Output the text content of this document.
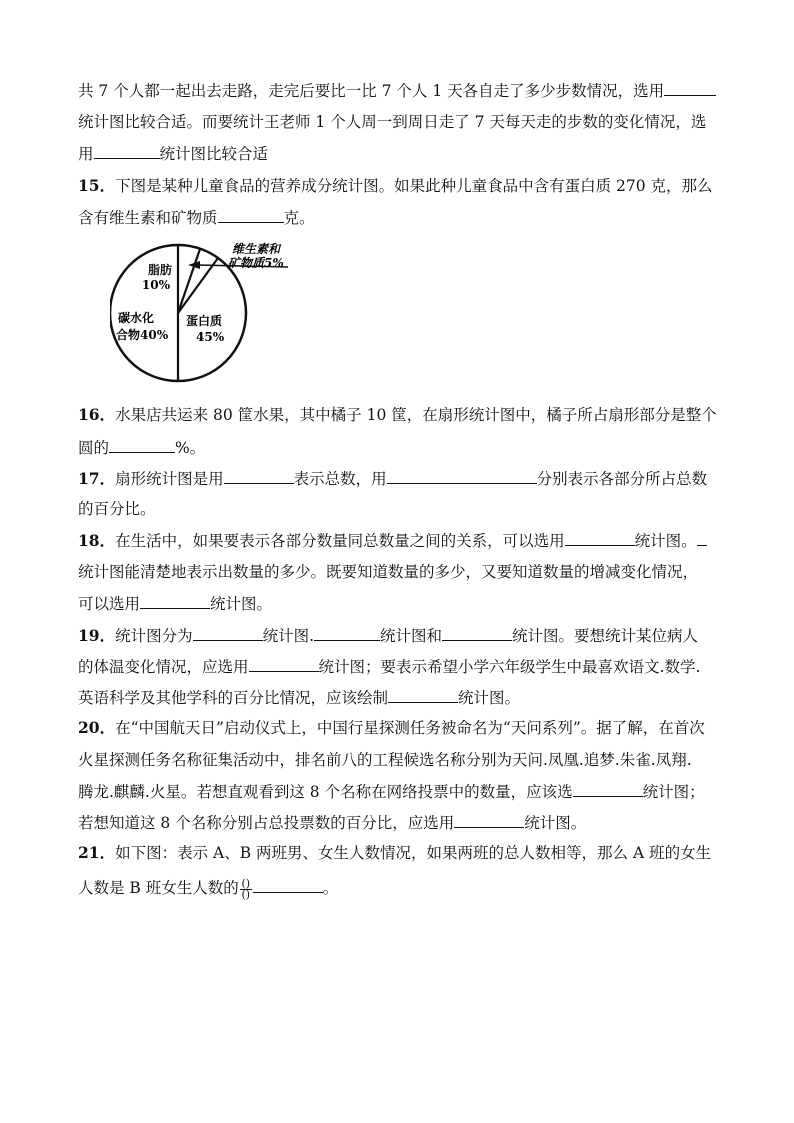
共 7 个人都一起出去走路，走完后要比一比 7 个人 1 天各自走了多少步数情况，选用
统计图比较合适。而要统计王老师 1 个人周一到周日走了 7 天每天走的步数的变化情况，选
用	统计图比较合适
15．下图是某种儿童食品的营养成分统计图。如果此种儿童食品中含有蛋白质 270 克，那么
含有维生素和矿物质	克。
脂肪
10%
碳水化
合物40%
蛋白质
45%
维生素和
矿物质5%
16．水果店共运来 80 筐水果，其中橘子 10 筐，在扇形统计图中，橘子所占扇形部分是整个
圆的	%。
17．扇形统计图是用	表示总数，用	分别表示各部分所占总数
的百分比。
18．在生活中，如果要表示各部分数量同总数量之间的关系，可以选用	统计图。
统计图能清楚地表示出数量的多少。既要知道数量的多少，又要知道数量的增减变化情况，
可以选用	统计图。
19．统计图分为	统计图.	统计图和	统计图。要想统计某位病人
的体温变化情况，应选用	统计图；要表示希望小学六年级学生中最喜欢语文.数学.
英语科学及其他学科的百分比情况，应该绘制	统计图。
20．在“中国航天日”启动仪式上，中国行星探测任务被命名为“天问系列”。据了解，在首次
火星探测任务名称征集活动中，排名前八的工程候选名称分别为天问.凤凰.追梦.朱雀.凤翔.
腾龙.麒麟.火星。若想直观看到这 8 个名称在网络投票中的数量，应该选	统计图；
若想知道这 8 个名称分别占总投票数的百分比，应选用	统计图。
21．如下图：表示 A、B 两班男、女生人数情况，如果两班的总人数相等，那么 A 班的女生
人数是 B 班女生人数的 $\frac{()}{()}$	。
